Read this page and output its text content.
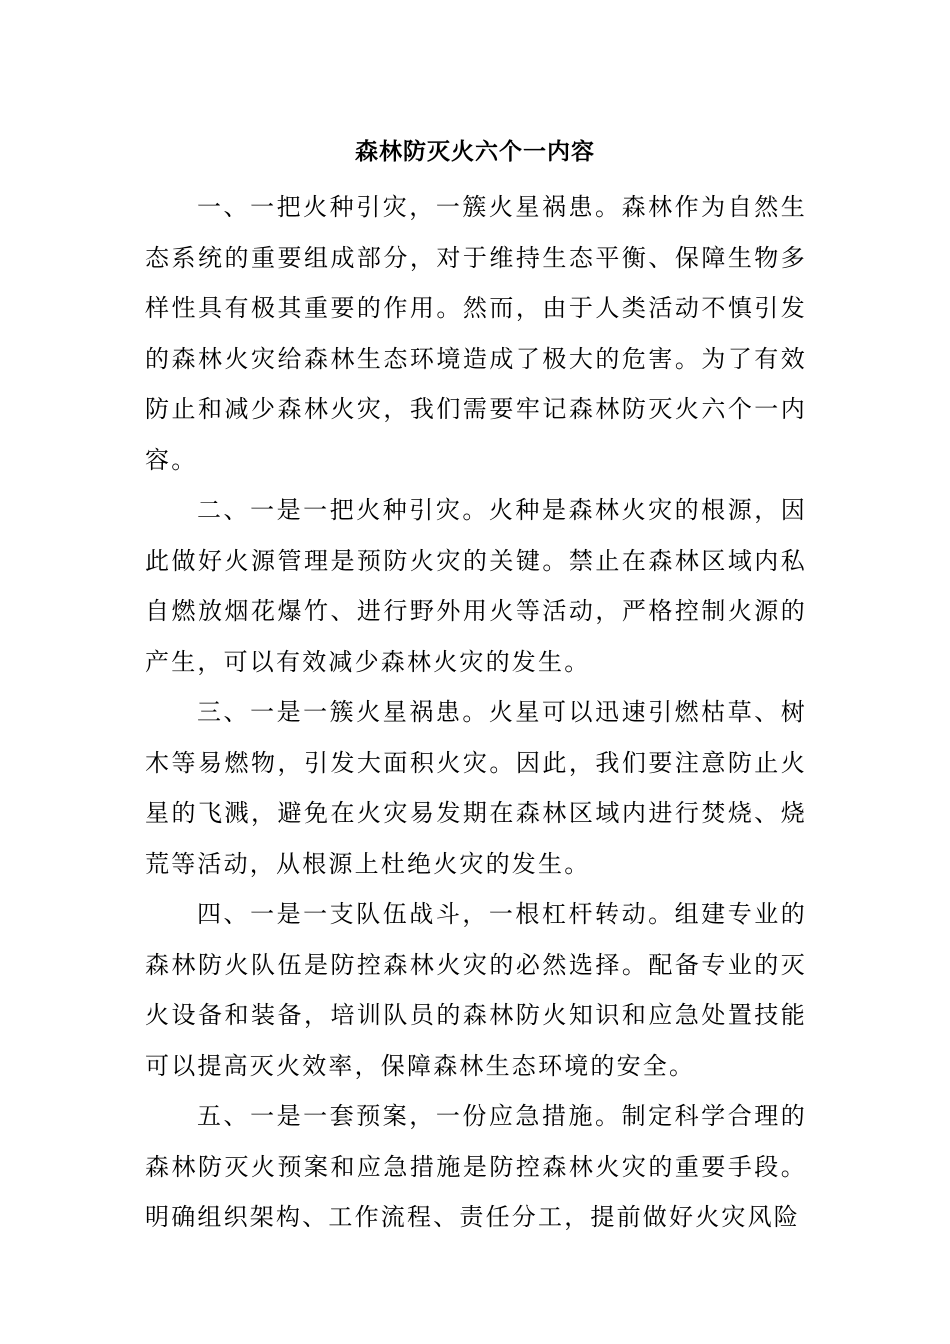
森林防灭火六个一内容

一、一把火种引灾，一簇火星祸患。森林作为自然生态系统的重要组成部分，对于维持生态平衡、保障生物多样性具有极其重要的作用。然而，由于人类活动不慎引发的森林火灾给森林生态环境造成了极大的危害。为了有效防止和减少森林火灾，我们需要牢记森林防灭火六个一内容。

二、一是一把火种引灾。火种是森林火灾的根源，因此做好火源管理是预防火灾的关键。禁止在森林区域内私自燃放烟花爆竹、进行野外用火等活动，严格控制火源的产生，可以有效减少森林火灾的发生。

三、一是一簇火星祸患。火星可以迅速引燃枯草、树木等易燃物，引发大面积火灾。因此，我们要注意防止火星的飞溅，避免在火灾易发期在森林区域内进行焚烧、烧荒等活动，从根源上杜绝火灾的发生。

四、一是一支队伍战斗，一根杠杆转动。组建专业的森林防火队伍是防控森林火灾的必然选择。配备专业的灭火设备和装备，培训队员的森林防火知识和应急处置技能可以提高灭火效率，保障森林生态环境的安全。

五、一是一套预案，一份应急措施。制定科学合理的森林防灭火预案和应急措施是防控森林火灾的重要手段。明确组织架构、工作流程、责任分工，提前做好火灾风险
